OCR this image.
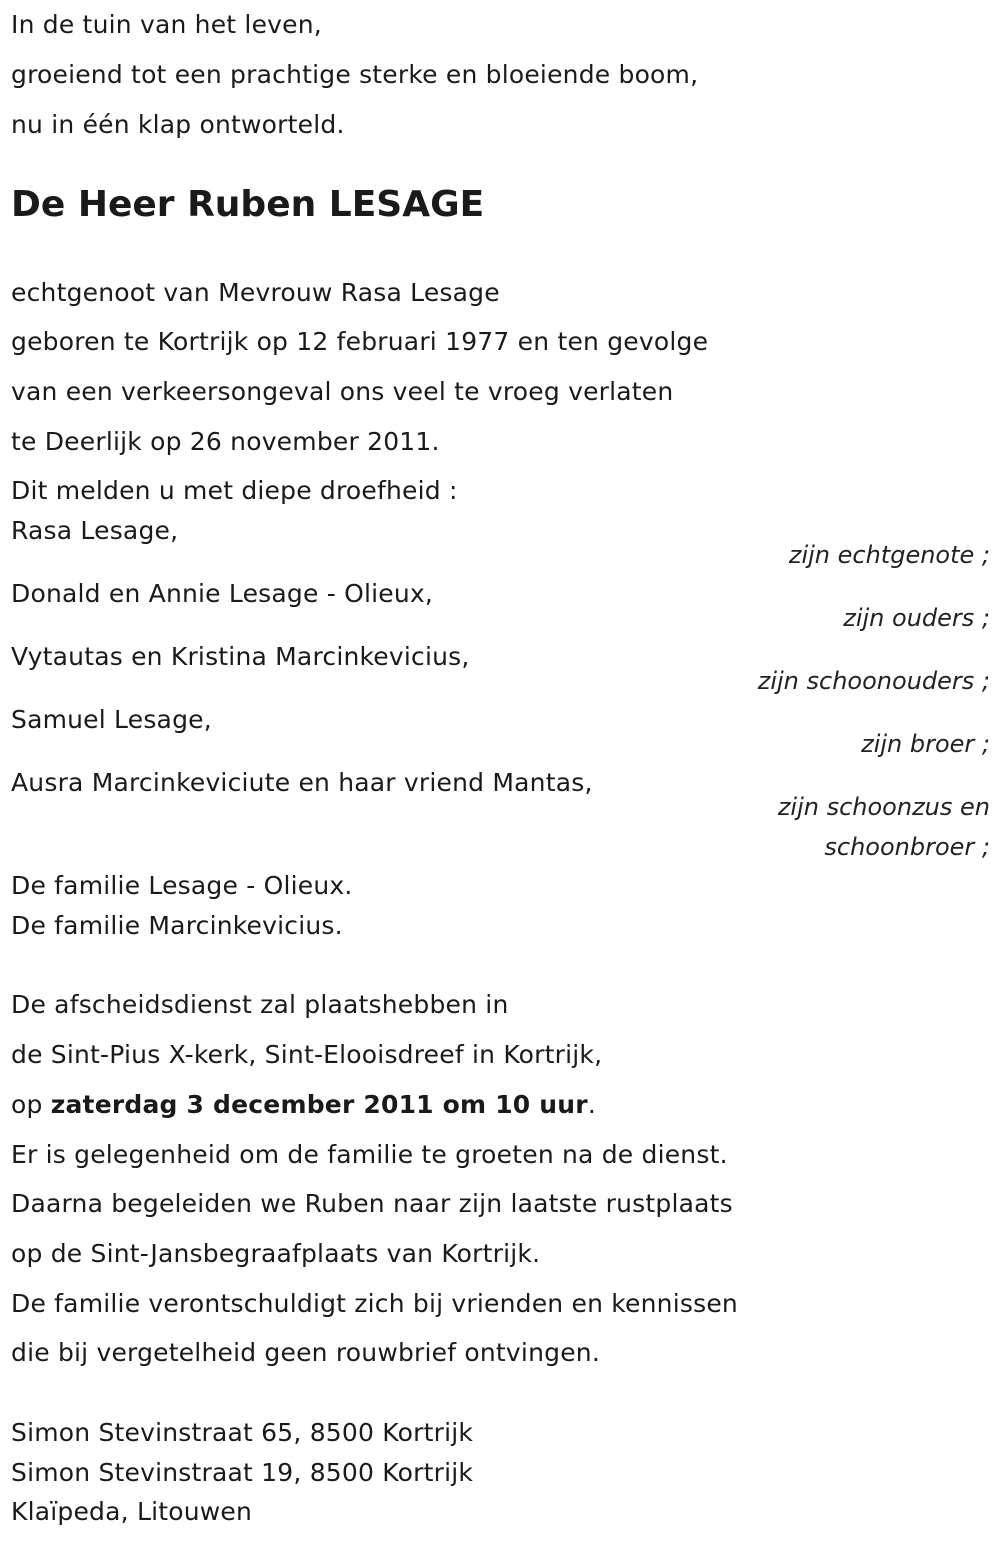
In de tuin van het leven,
groeiend tot een prachtige sterke en bloeiende boom,
nu in één klap ontworteld.
De Heer Ruben LESAGE
echtgenoot van Mevrouw Rasa Lesage
geboren te Kortrijk op 12 februari 1977 en ten gevolge
van een verkeersongeval ons veel te vroeg verlaten
te Deerlijk op 26 november 2011.
Dit melden u met diepe droefheid :
Rasa Lesage,
zijn echtgenote ;
Donald en Annie Lesage - Olieux,
zijn ouders ;
Vytautas en Kristina Marcinkevicius,
zijn schoonouders ;
Samuel Lesage,
zijn broer ;
Ausra Marcinkeviciute en haar vriend Mantas,
zijn schoonzus en
schoonbroer ;
De familie Lesage - Olieux.
De familie Marcinkevicius.
De afscheidsdienst zal plaatshebben in
de Sint-Pius X-kerk, Sint-Elooisdreef in Kortrijk,
op zaterdag 3 december 2011 om 10 uur.
Er is gelegenheid om de familie te groeten na de dienst.
Daarna begeleiden we Ruben naar zijn laatste rustplaats
op de Sint-Jansbegraafplaats van Kortrijk.
De familie verontschuldigt zich bij vrienden en kennissen
die bij vergetelheid geen rouwbrief ontvingen.
Simon Stevinstraat 65, 8500 Kortrijk
Simon Stevinstraat 19, 8500 Kortrijk
Klaïpeda, Litouwen
